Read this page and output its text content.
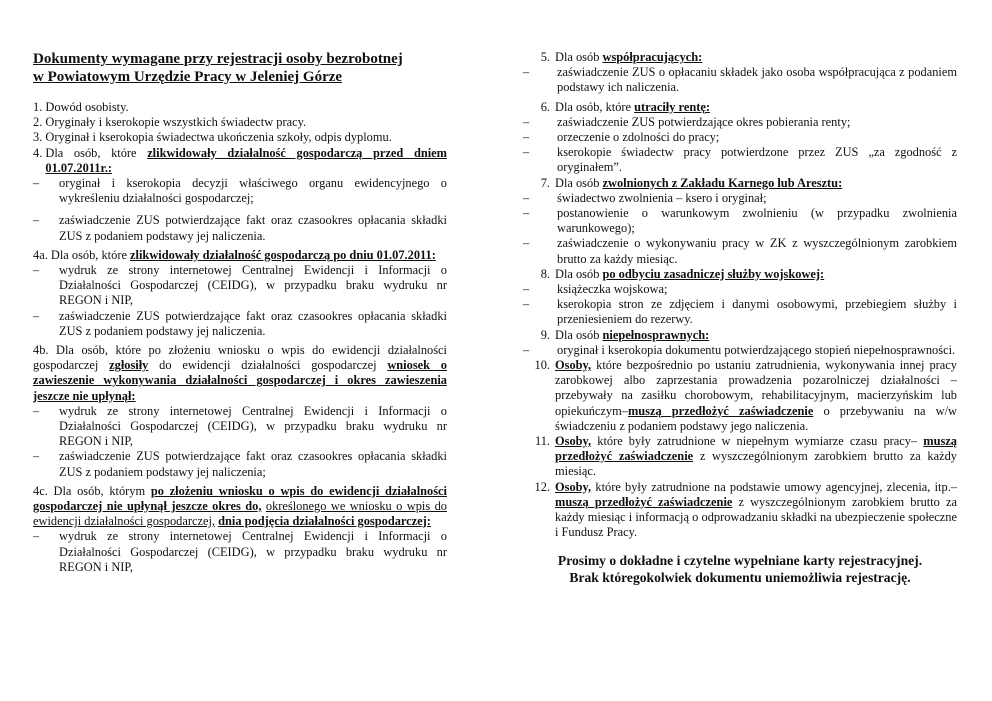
Dokumenty wymagane przy rejestracji osoby bezrobotnej
w Powiatowym Urzędzie Pracy w Jeleniej Górze

1. Dowód osobisty.

2. Oryginały i kserokopie wszystkich świadectw pracy.

3. Oryginał i kserokopia świadectwa ukończenia szkoły, odpis dyplomu.

4. Dla osób, które zlikwidowały działalność gospodarczą przed dniem 01.07.2011r.:
–	oryginał i kserokopia decyzji właściwego organu ewidencyjnego o wykreśleniu działalności gospodarczej;
–	zaświadczenie ZUS potwierdzające fakt oraz czasookres opłacania składki ZUS z podaniem podstawy jej naliczenia.

4a. Dla osób, które zlikwidowały działalność gospodarczą po dniu 01.07.2011:

–	wydruk ze strony internetowej Centralnej Ewidencji i Informacji o Działalności Gospodarczej (CEIDG), w przypadku braku wydruku nr REGON i NIP,
–	zaświadczenie ZUS potwierdzające fakt oraz czasookres opłacania składki ZUS z podaniem podstawy jej naliczenia.

4b. Dla osób, które po złożeniu wniosku o wpis do ewidencji działalności gospodarczej zgłosiły do ewidencji działalności gospodarczej wniosek o zawieszenie wykonywania działalności gospodarczej i okres zawieszenia jeszcze nie upłynął:

–	wydruk ze strony internetowej Centralnej Ewidencji i Informacji o Działalności Gospodarczej (CEIDG), w przypadku braku wydruku nr REGON i NIP,
–	zaświadczenie ZUS potwierdzające fakt oraz czasookres opłacania składki ZUS z podaniem podstawy jej naliczenia;

4c. Dla osób, którym po złożeniu wniosku o wpis do ewidencji działalności gospodarczej nie upłynął jeszcze okres do, określonego we wniosku o wpis do ewidencji działalności gospodarczej, dnia podjęcia działalności gospodarczej:

–	wydruk ze strony internetowej Centralnej Ewidencji i Informacji o Działalności Gospodarczej (CEIDG), w przypadku braku wydruku nr REGON i NIP,
5. Dla osób współpracujących:
–	zaświadczenie ZUS o opłacaniu składek jako osoba współpracująca z podaniem podstawy ich naliczenia.
6. Dla osób, które utraciły rentę:
–	zaświadczenie ZUS potwierdzające okres pobierania renty;
–	orzeczenie o zdolności do pracy;
–	kserokopie świadectw pracy potwierdzone przez ZUS „za zgodność z oryginałem”.
7. Dla osób zwolnionych z Zakładu Karnego lub Aresztu:
–	świadectwo zwolnienia – ksero i oryginał;
–	postanowienie o warunkowym zwolnieniu (w przypadku zwolnienia warunkowego);
–	zaświadczenie o wykonywaniu pracy w ZK z wyszczególnionym zarobkiem brutto za każdy miesiąc.
8. Dla osób po odbyciu zasadniczej służby wojskowej:
–	książeczka wojskowa;
–	kserokopia stron ze zdjęciem i danymi osobowymi, przebiegiem służby i przeniesieniem do rezerwy.
9. Dla osób niepełnosprawnych:
–	oryginał i kserokopia dokumentu potwierdzającego stopień niepełnosprawności.
10. Osoby, które bezpośrednio po ustaniu zatrudnienia, wykonywania innej pracy zarobkowej albo zaprzestania prowadzenia pozarolniczej działalności – przebywały na zasiłku chorobowym, rehabilitacyjnym, macierzyńskim lub opiekuńczym–muszą przedłożyć zaświadczenie o przebywaniu na w/w świadczeniu z podaniem podstawy jego naliczenia.
11. Osoby, które były zatrudnione w niepełnym wymiarze czasu pracy– muszą przedłożyć zaświadczenie z wyszczególnionym zarobkiem brutto za każdy miesiąc.
12. Osoby, które były zatrudnione na podstawie umowy agencyjnej, zlecenia, itp.– muszą przedłożyć zaświadczenie z wyszczególnionym zarobkiem brutto za każdy miesiąc i informacją o odprowadzaniu składki na ubezpieczenie społeczne i Fundusz Pracy.
Prosimy o dokładne i czytelne wypełniane karty rejestracyjnej.
Brak któregokolwiek dokumentu uniemożliwia rejestrację.
